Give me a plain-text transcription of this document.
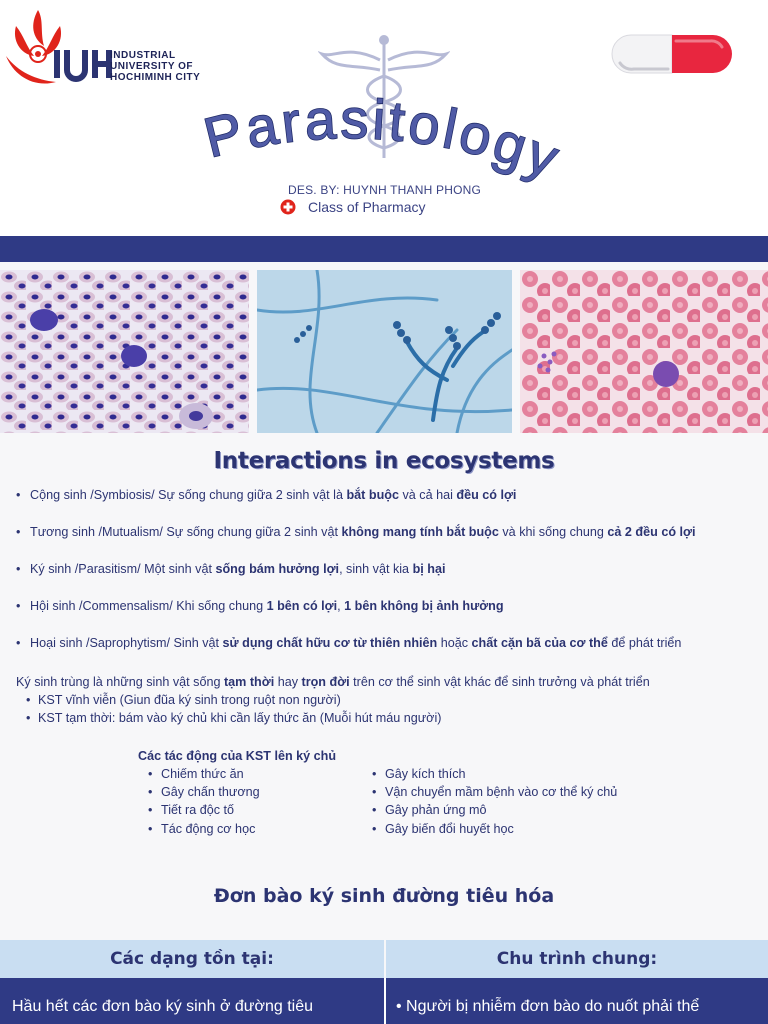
INDUSTRIAL
UNIVERSITY OF
HOCHIMINH CITY
Parasitology
DES. BY: HUYNH THANH PHONG
Class of Pharmacy
Interactions in ecosystems
• Cộng sinh /Symbiosis/ Sự sống chung giữa 2 sinh vật là bắt buộc và cả hai đều có lợi
• Tương sinh /Mutualism/ Sự sống chung giữa 2 sinh vật không mang tính bắt buộc và khi sống chung cả 2 đều có lợi
• Ký sinh /Parasitism/ Một sinh vật sống bám hưởng lợi, sinh vật kia bị hại
• Hội sinh /Commensalism/ Khi sống chung 1 bên có lợi, 1 bên không bị ảnh hưởng
• Hoại sinh /Saprophytism/ Sinh vật sử dụng chất hữu cơ từ thiên nhiên hoặc chất cặn bã của cơ thể để phát triển
Ký sinh trùng là những sinh vật sống tạm thời hay trọn đời trên cơ thể sinh vật khác để sinh trưởng và phát triển
• KST vĩnh viễn (Giun đũa ký sinh trong ruột non người)
• KST tạm thời: bám vào ký chủ khi cần lấy thức ăn (Muỗi hút máu người)
Các tác động của KST lên ký chủ
• Chiếm thức ăn
• Gây chấn thương
• Tiết ra độc tố
• Tác động cơ học
• Gây kích thích
• Vận chuyển mầm bệnh vào cơ thể ký chủ
• Gây phản ứng mô
• Gây biến đổi huyết học
Đơn bào ký sinh đường tiêu hóa
Các dạng tồn tại:	Chu trình chung:
Hầu hết các đơn bào ký sinh ở đường tiêu	• Người bị nhiễm đơn bào do nuốt phải thể
